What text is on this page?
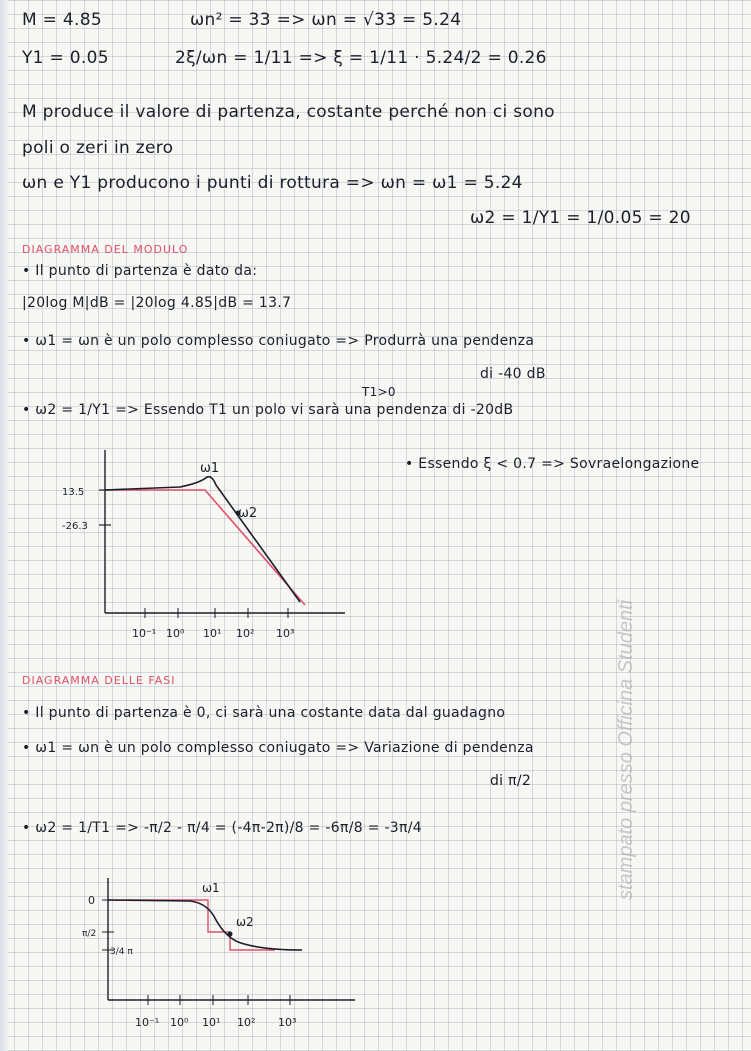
M = 4.85	ωn² = 33 => ωn = √33 = 5.24
Υ1 = 0.05	2ξ/ωn = 1/11 => ξ = 1/11 · 5.24/2 = 0.26
M produce il valore di partenza, costante perché non ci sono
poli o zeri in zero
ωn e Υ1 producono i punti di rottura => ωn = ω1 = 5.24
ω2 = 1/Υ1 = 1/0.05 = 20
DIAGRAMMA DEL MODULO
• Il punto di partenza è dato da:
|20log M|dB = |20log 4.85|dB = 13.7
• ω1 = ωn è un polo complesso coniugato => Produrrà una pendenza
di -40 dB
T1>0
• ω2 = 1/Υ1 => Essendo T1 un polo vi sarà una pendenza di -20dB
• Essendo ξ < 0.7 => Sovraelongazione
13.5
-26.3
10⁻¹ 10⁰ 10¹ 10² 10³
ω1
ω2
DIAGRAMMA DELLE FASI
• Il punto di partenza è 0, ci sarà una costante data dal guadagno
• ω1 = ωn è un polo complesso coniugato => Variazione di pendenza
di π/2
• ω2 = 1/Τ1 => -π/2 - π/4 = (-4π-2π)/8 = -6π/8 = -3π/4
0
π/2
3/4 π
10⁻¹ 10⁰ 10¹ 10² 10³
ω1
ω2
stampato presso Officina Studenti
